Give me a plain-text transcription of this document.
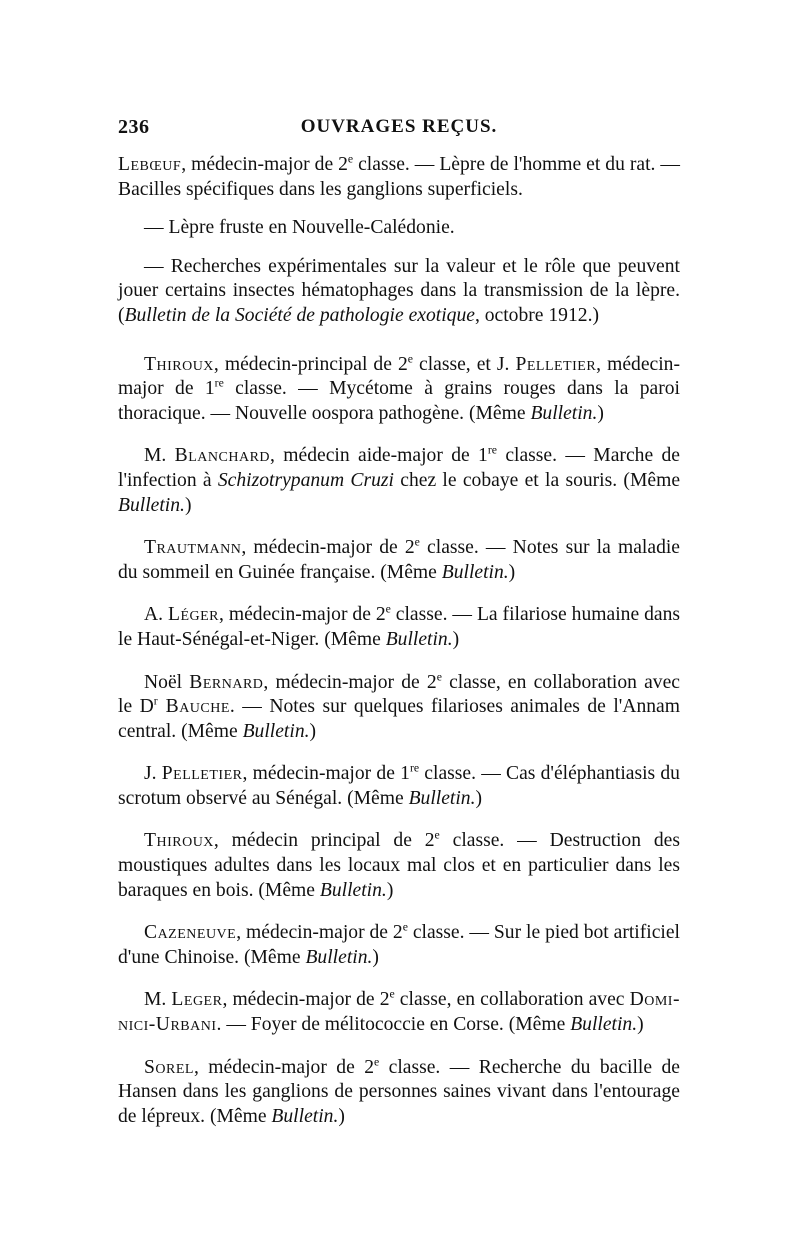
236	OUVRAGES REÇUS.

Lebœuf, médecin-major de 2e classe. — Lèpre de l'homme et du rat. — Bacilles spécifiques dans les ganglions superficiels.

— Lèpre fruste en Nouvelle-Calédonie.

— Recherches expérimentales sur la valeur et le rôle que peuvent jouer certains insectes hématophages dans la transmission de la lèpre. (Bulletin de la Société de pathologie exotique, octobre 1912.)

Thiroux, médecin-principal de 2e classe, et J. Pelletier, médecin-major de 1re classe. — Mycétome à grains rouges dans la paroi thoracique. — Nouvelle oospora pathogène. (Même Bulletin.)

M. Blanchard, médecin aide-major de 1re classe. — Marche de l'infection à Schizotrypanum Cruzi chez le cobaye et la souris. (Même Bulletin.)

Trautmann, médecin-major de 2e classe. — Notes sur la maladie du sommeil en Guinée française. (Même Bulletin.)

A. Léger, médecin-major de 2e classe. — La filariose humaine dans le Haut-Sénégal-et-Niger. (Même Bulletin.)

Noël Bernard, médecin-major de 2e classe, en collaboration avec le $D^r$ Bauche. — Notes sur quelques filarioses animales de l'Annam central. (Même Bulletin.)

J. Pelletier, médecin-major de 1re classe. — Cas d'éléphantiasis du scrotum observé au Sénégal. (Même Bulletin.)

Thiroux, médecin principal de 2e classe. — Destruction des moustiques adultes dans les locaux mal clos et en particulier dans les baraques en bois. (Même Bulletin.)

Cazeneuve, médecin-major de 2e classe. — Sur le pied bot artificiel d'une Chinoise. (Même Bulletin.)

M. Leger, médecin-major de 2e classe, en collaboration avec Domi-nici-Urbani. — Foyer de mélitococcie en Corse. (Même Bulletin.)

Sorel, médecin-major de 2e classe. — Recherche du bacille de Hansen dans les ganglions de personnes saines vivant dans l'entourage de lépreux. (Même Bulletin.)
